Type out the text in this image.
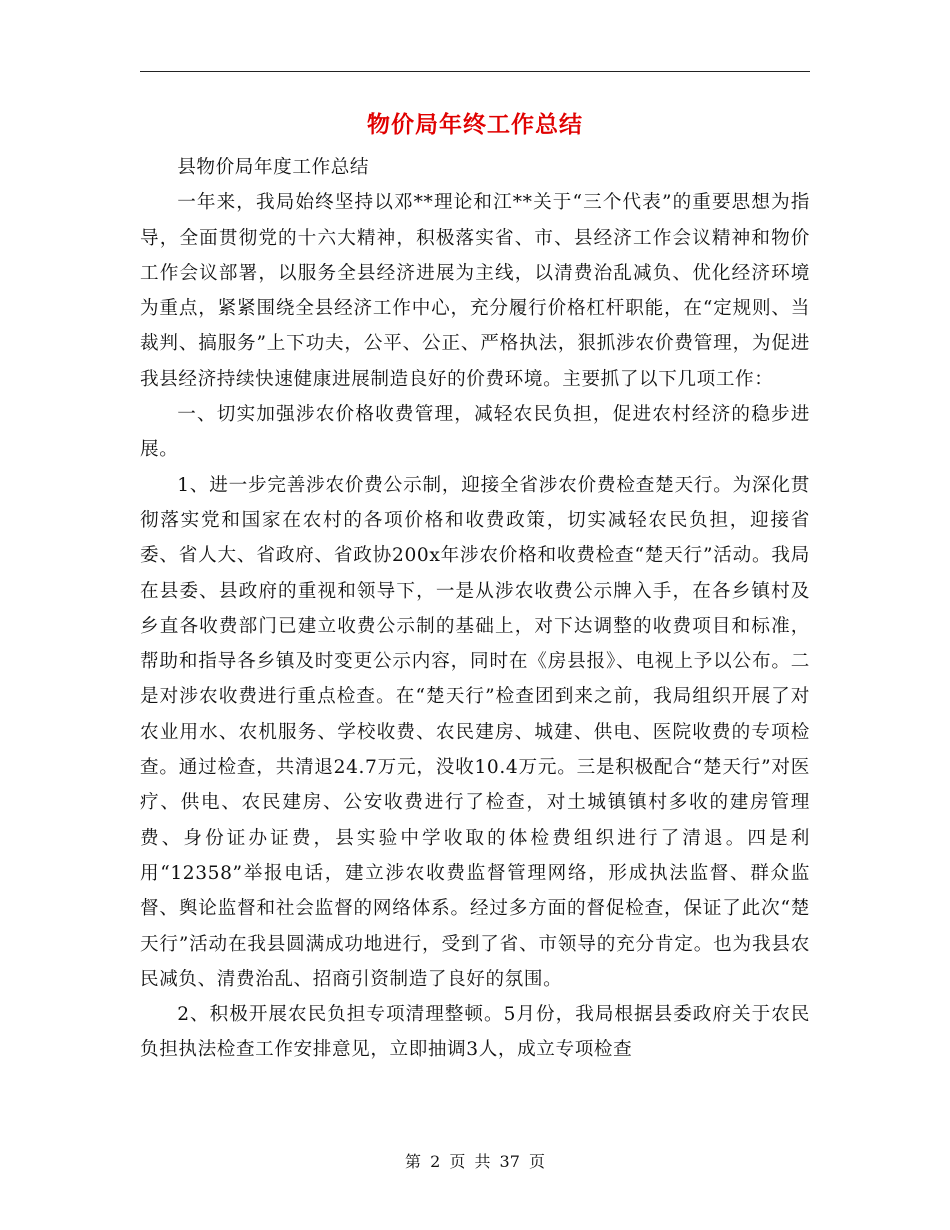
物价局年终工作总结

县物价局年度工作总结

一年来，我局始终坚持以邓**理论和江**关于“三个代表”的重要思想为指导，全面贯彻党的十六大精神，积极落实省、市、县经济工作会议精神和物价工作会议部署，以服务全县经济进展为主线，以清费治乱减负、优化经济环境为重点，紧紧围绕全县经济工作中心，充分履行价格杠杆职能，在“定规则、当裁判、搞服务”上下功夫，公平、公正、严格执法，狠抓涉农价费管理，为促进我县经济持续快速健康进展制造良好的价费环境。主要抓了以下几项工作：

一、切实加强涉农价格收费管理，减轻农民负担，促进农村经济的稳步进展。

1、进一步完善涉农价费公示制，迎接全省涉农价费检查楚天行。为深化贯彻落实党和国家在农村的各项价格和收费政策，切实减轻农民负担，迎接省委、省人大、省政府、省政协200x年涉农价格和收费检查“楚天行”活动。我局在县委、县政府的重视和领导下，一是从涉农收费公示牌入手，在各乡镇村及乡直各收费部门已建立收费公示制的基础上，对下达调整的收费项目和标准，帮助和指导各乡镇及时变更公示内容，同时在《房县报》、电视上予以公布。二是对涉农收费进行重点检查。在“楚天行”检查团到来之前，我局组织开展了对农业用水、农机服务、学校收费、农民建房、城建、供电、医院收费的专项检查。通过检查，共清退24.7万元，没收10.4万元。三是积极配合“楚天行”对医疗、供电、农民建房、公安收费进行了检查，对土城镇镇村多收的建房管理费、身份证办证费，县实验中学收取的体检费组织进行了清退。四是利用“12358”举报电话，建立涉农收费监督管理网络，形成执法监督、群众监督、舆论监督和社会监督的网络体系。经过多方面的督促检查，保证了此次“楚天行”活动在我县圆满成功地进行，受到了省、市领导的充分肯定。也为我县农民减负、清费治乱、招商引资制造了良好的氛围。

2、积极开展农民负担专项清理整顿。5月份，我局根据县委政府关于农民负担执法检查工作安排意见，立即抽调3人，成立专项检查

第 2 页 共 37 页
